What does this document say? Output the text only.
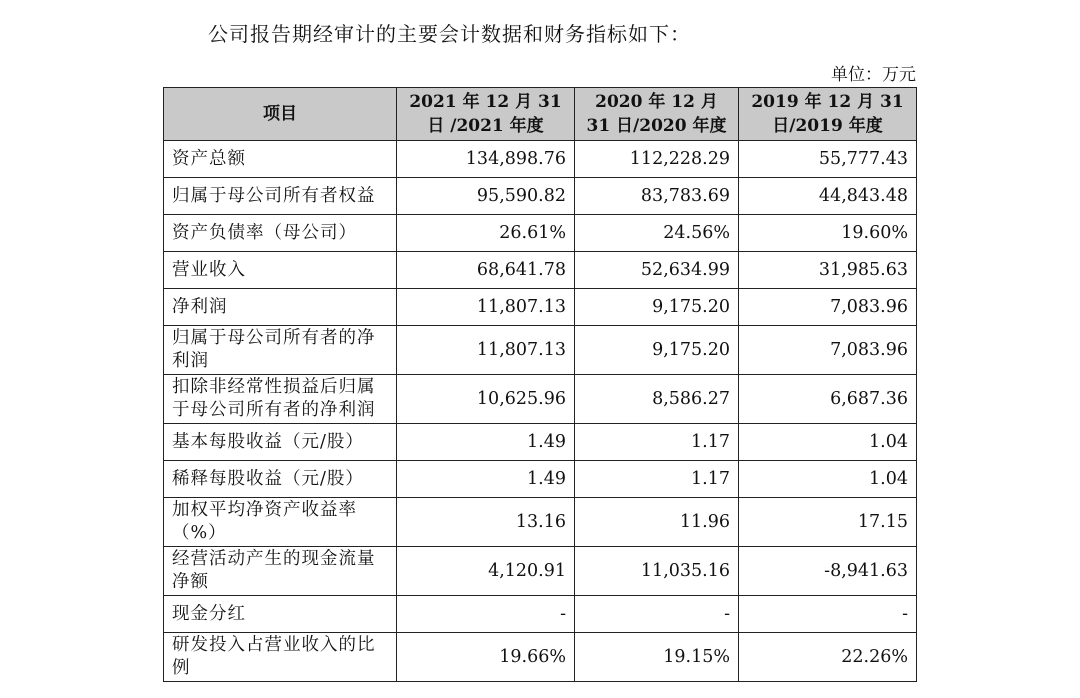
公司报告期经审计的主要会计数据和财务指标如下：
单位：万元
项目	2021 年 12 月 31 日 /2021 年度	2020 年 12 月 31 日/2020 年度	2019 年 12 月 31 日/2019 年度
资产总额	134,898.76	112,228.29	55,777.43
归属于母公司所有者权益	95,590.82	83,783.69	44,843.48
资产负债率（母公司）	26.61%	24.56%	19.60%
营业收入	68,641.78	52,634.99	31,985.63
净利润	11,807.13	9,175.20	7,083.96
归属于母公司所有者的净利润	11,807.13	9,175.20	7,083.96
扣除非经常性损益后归属于母公司所有者的净利润	10,625.96	8,586.27	6,687.36
基本每股收益（元/股）	1.49	1.17	1.04
稀释每股收益（元/股）	1.49	1.17	1.04
加权平均净资产收益率（%）	13.16	11.96	17.15
经营活动产生的现金流量净额	4,120.91	11,035.16	-8,941.63
现金分红	-	-	-
研发投入占营业收入的比例	19.66%	19.15%	22.26%
